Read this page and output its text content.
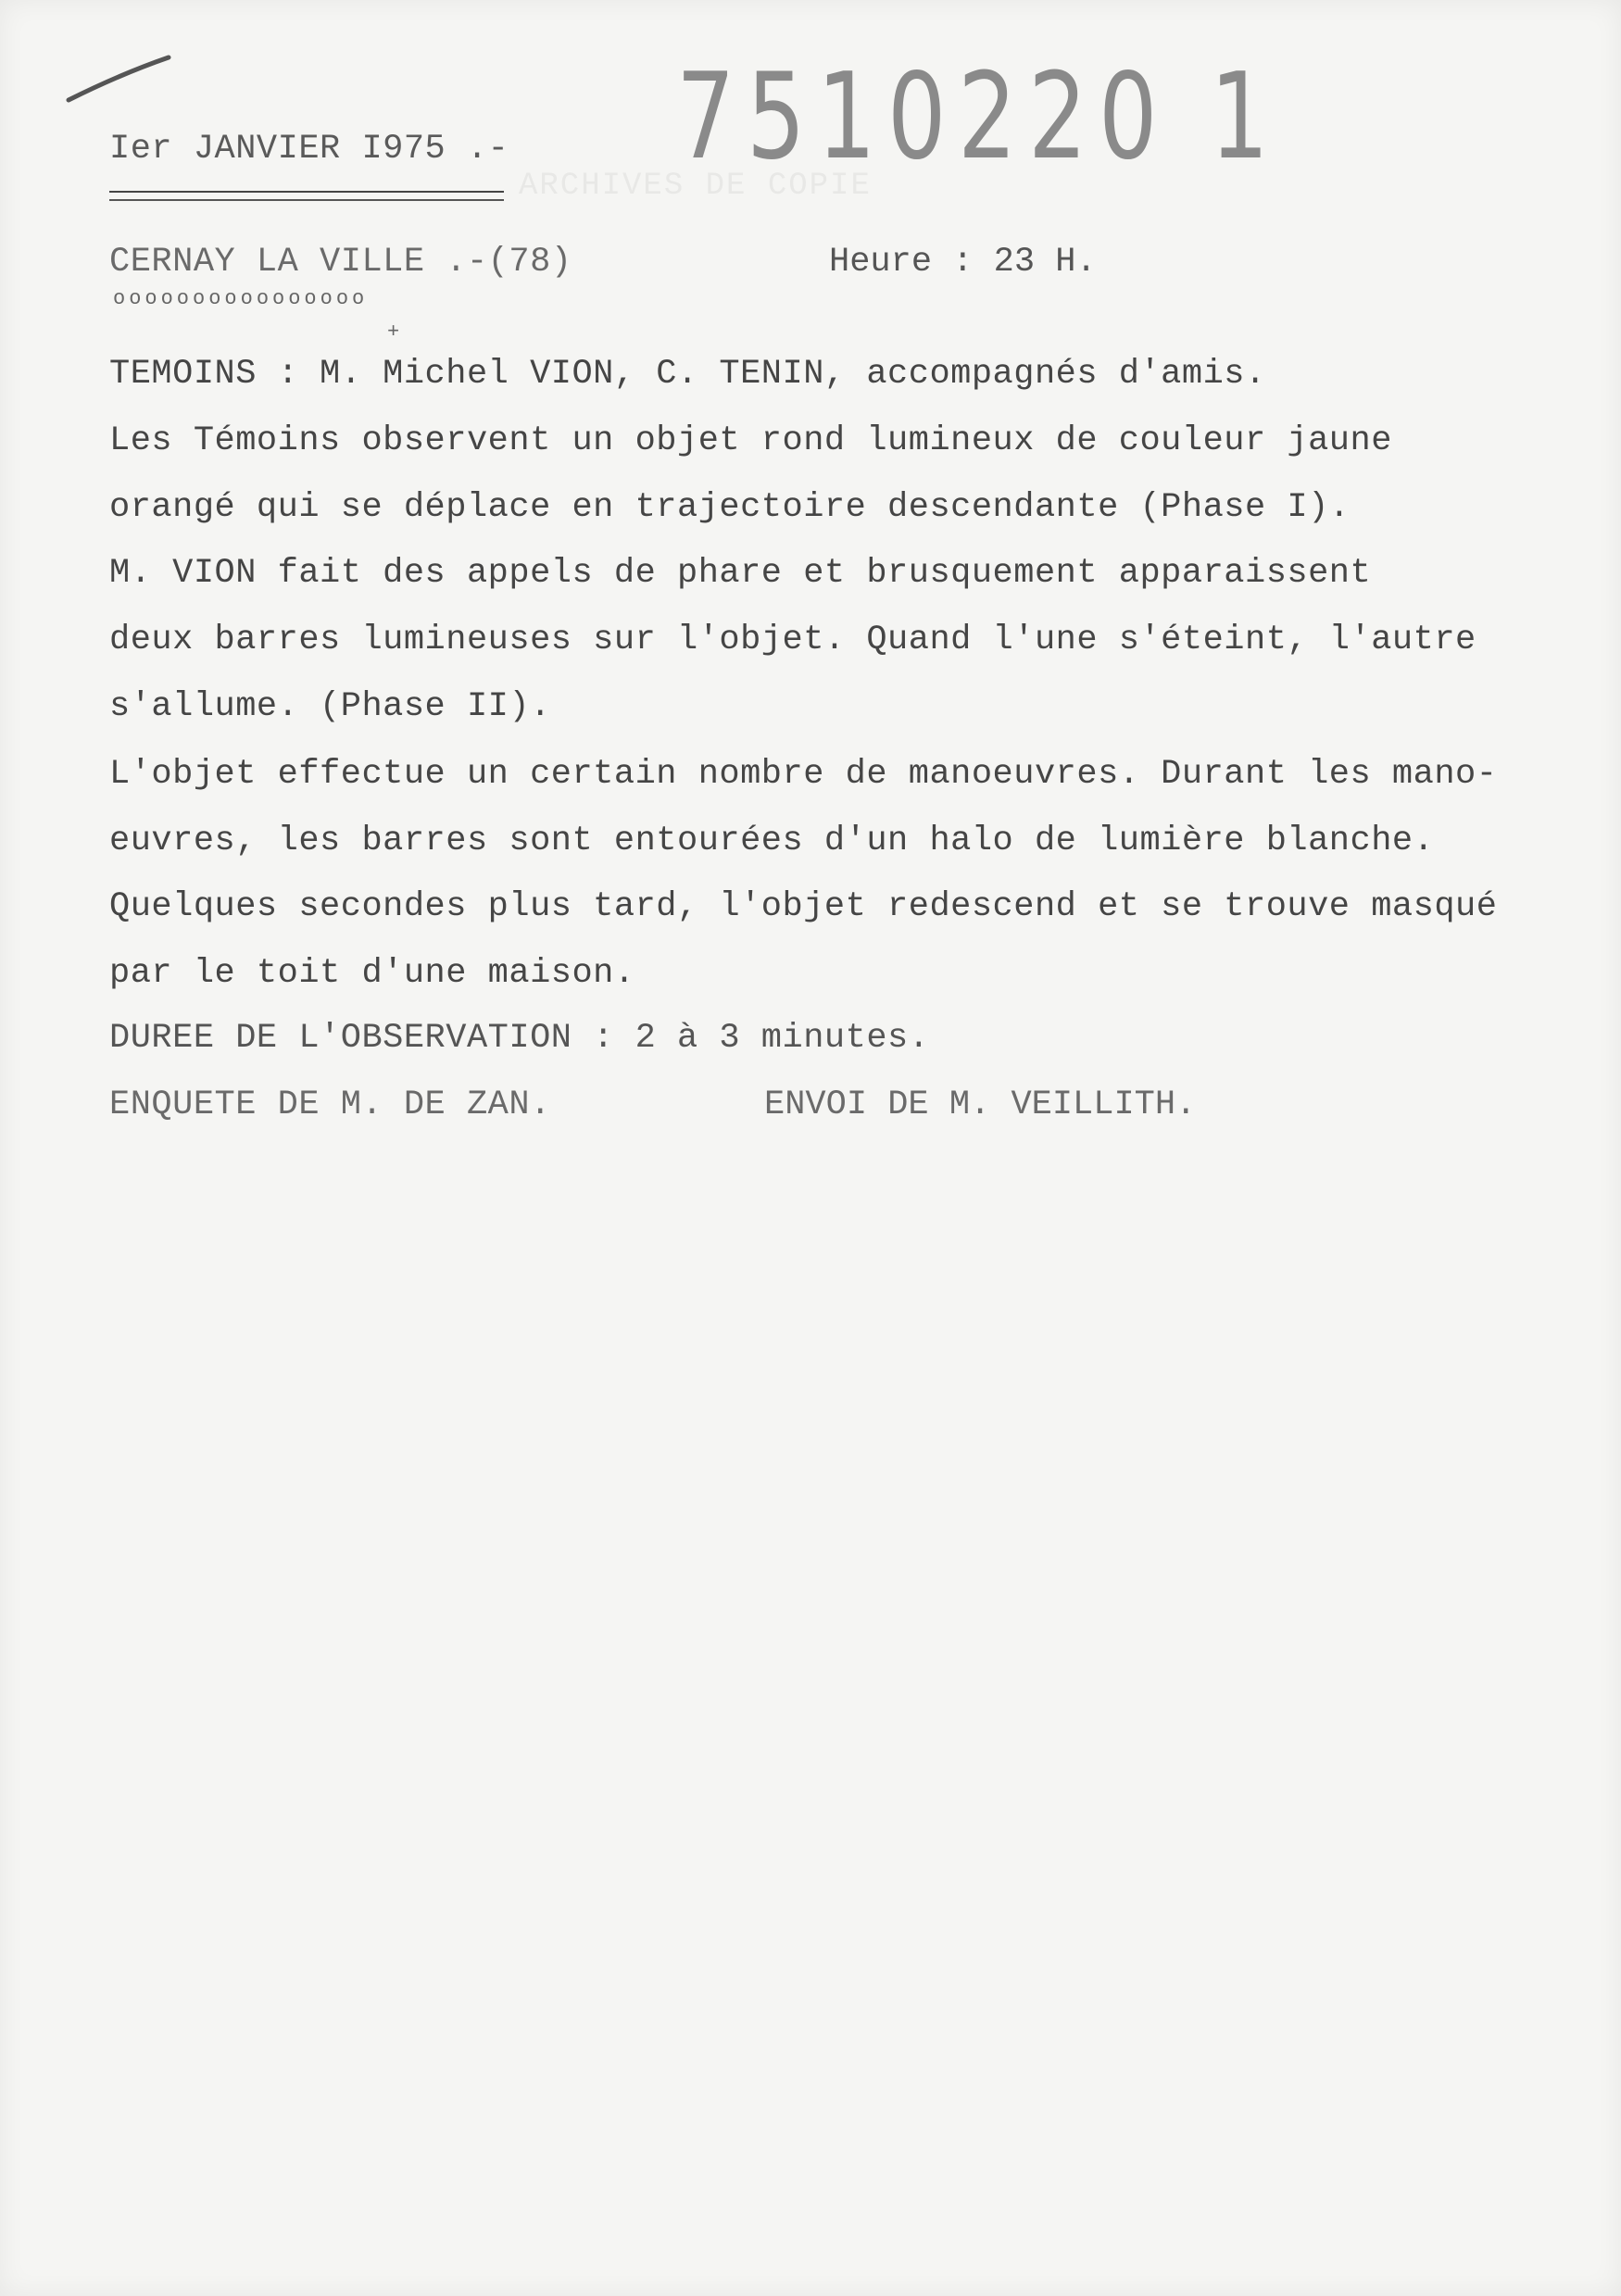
7510220 1
ARCHIVES DE COPIE
Ier JANVIER I975 .-
CERNAY LA VILLE .-(78)	Heure : 23 H.
oooooooooooooooo
+
TEMOINS : M. Michel VION, C. TENIN, accompagnés d'amis.
Les Témoins observent un objet rond lumineux de couleur jaune
orangé qui se déplace en trajectoire descendante (Phase I).
M. VION fait des appels de phare et brusquement apparaissent
deux barres lumineuses sur l'objet. Quand l'une s'éteint, l'autre
s'allume. (Phase II).
L'objet effectue un certain nombre de manoeuvres. Durant les mano-
euvres, les barres sont entourées d'un halo de lumière blanche.
Quelques secondes plus tard, l'objet redescend et se trouve masqué
par le toit d'une maison.
DUREE DE L'OBSERVATION : 2 à 3 minutes.
ENQUETE DE M. DE ZAN.	ENVOI DE M. VEILLITH.
